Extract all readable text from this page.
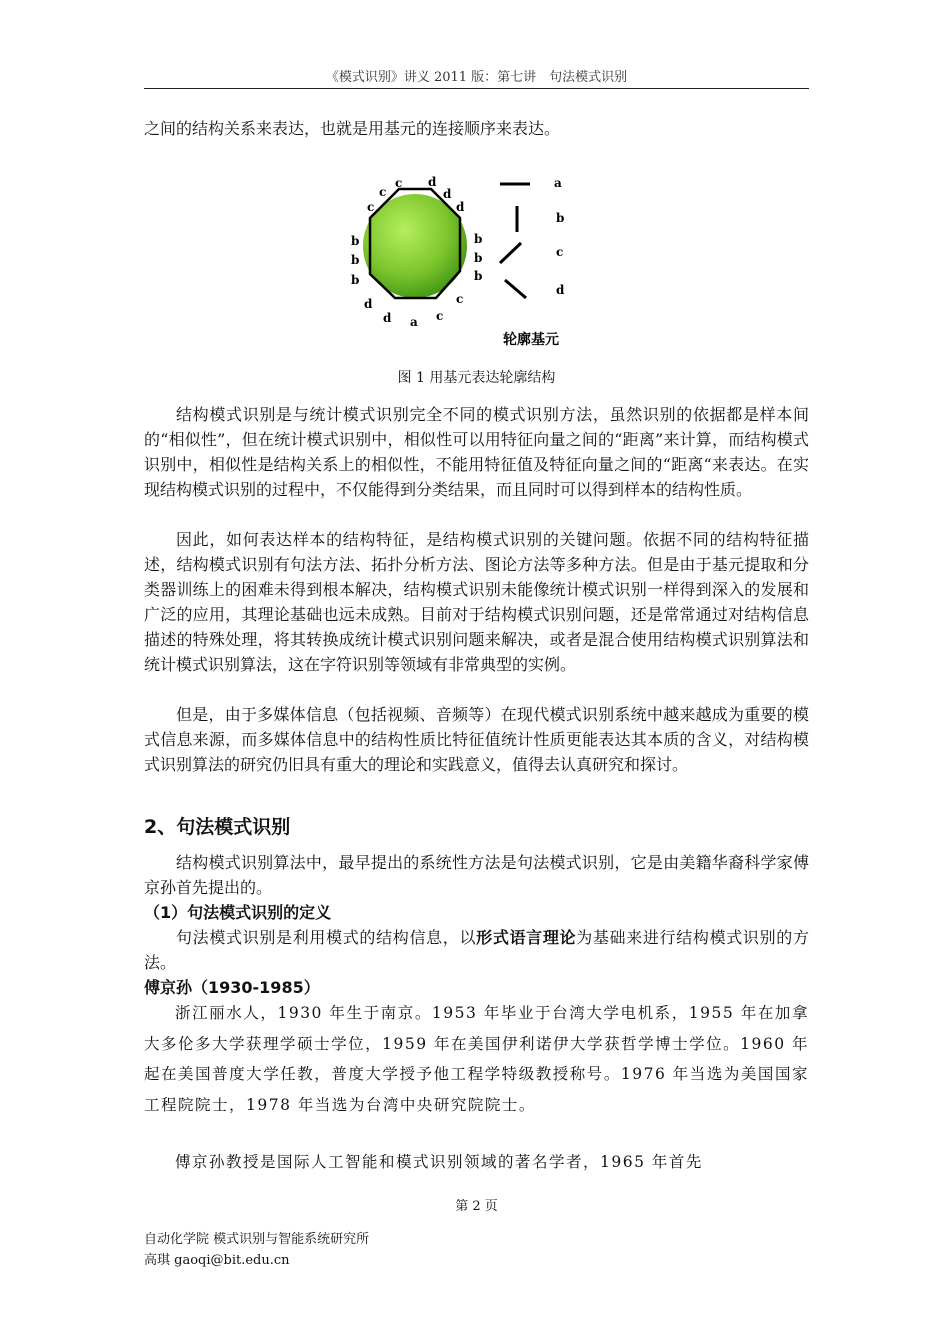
《模式识别》讲义 2011 版：第七讲　句法模式识别

之间的结构关系来表达，也就是用基元的连接顺序来表达。

c
c d
d
c	d
b
b
b
b
b
b
d	c
d a c
a
b
c
d
轮廓基元
图 1 用基元表达轮廓结构

结构模式识别是与统计模式识别完全不同的模式识别方法，虽然识别的依据都是样本间的“相似性”，但在统计模式识别中，相似性可以用特征向量之间的“距离”来计算，而结构模式识别中，相似性是结构关系上的相似性，不能用特征值及特征向量之间的“距离“来表达。在实现结构模式识别的过程中，不仅能得到分类结果，而且同时可以得到样本的结构性质。

因此，如何表达样本的结构特征，是结构模式识别的关键问题。依据不同的结构特征描述，结构模式识别有句法方法、拓扑分析方法、图论方法等多种方法。但是由于基元提取和分类器训练上的困难未得到根本解决，结构模式识别未能像统计模式识别一样得到深入的发展和广泛的应用，其理论基础也远未成熟。目前对于结构模式识别问题，还是常常通过对结构信息描述的特殊处理，将其转换成统计模式识别问题来解决，或者是混合使用结构模式识别算法和统计模式识别算法，这在字符识别等领域有非常典型的实例。

但是，由于多媒体信息（包括视频、音频等）在现代模式识别系统中越来越成为重要的模式信息来源，而多媒体信息中的结构性质比特征值统计性质更能表达其本质的含义，对结构模式识别算法的研究仍旧具有重大的理论和实践意义，值得去认真研究和探讨。

2、句法模式识别

结构模式识别算法中，最早提出的系统性方法是句法模式识别，它是由美籍华裔科学家傅京孙首先提出的。

（1）句法模式识别的定义

句法模式识别是利用模式的结构信息，以形式语言理论为基础来进行结构模式识别的方法。

傅京孙（1930-1985）

浙江丽水人，1930 年生于南京。1953 年毕业于台湾大学电机系，1955 年在加拿大多伦多大学获理学硕士学位，1959 年在美国伊利诺伊大学获哲学博士学位。1960 年起在美国普度大学任教，普度大学授予他工程学特级教授称号。1976 年当选为美国国家工程院院士，1978 年当选为台湾中央研究院院士。

傅京孙教授是国际人工智能和模式识别领域的著名学者，1965 年首先

第 2 页
自动化学院 模式识别与智能系统研究所
高琪 gaoqi@bit.edu.cn
